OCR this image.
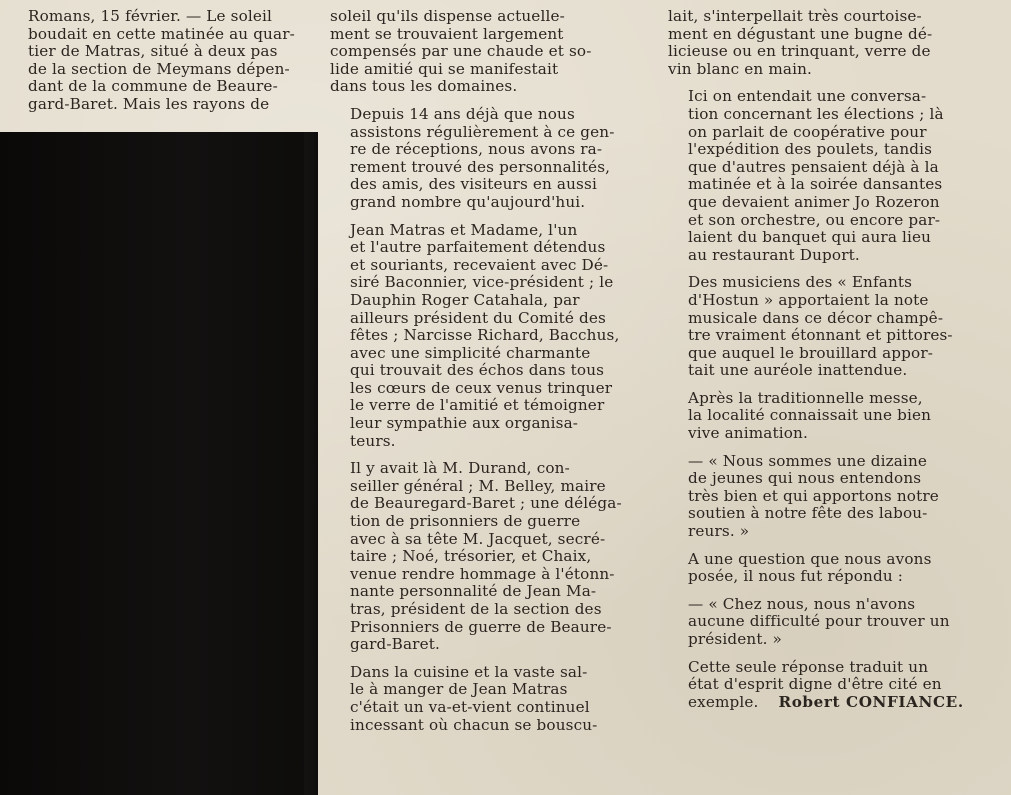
Romans, 15 février. — Le soleil
boudait en cette matinée au quar-
tier de Matras, situé à deux pas
de la section de Meymans dépen-
dant de la commune de Beaure-
gard-Baret. Mais les rayons de

soleil qu'ils dispense actuelle-
ment se trouvaient largement
compensés par une chaude et so-
lide amitié qui se manifestait
dans tous les domaines.

Depuis 14 ans déjà que nous
assistons régulièrement à ce gen-
re de réceptions, nous avons ra-
rement trouvé des personnalités,
des amis, des visiteurs en aussi
grand nombre qu'aujourd'hui.

Jean Matras et Madame, l'un
et l'autre parfaitement détendus
et souriants, recevaient avec Dé-
siré Baconnier, vice-président ; le
Dauphin Roger Catahala, par
ailleurs président du Comité des
fêtes ; Narcisse Richard, Bacchus,
avec une simplicité charmante
qui trouvait des échos dans tous
les cœurs de ceux venus trinquer
le verre de l'amitié et témoigner
leur sympathie aux organisa-
teurs.

Il y avait là M. Durand, con-
seiller général ; M. Belley, maire
de Beauregard-Baret ; une déléga-
tion de prisonniers de guerre
avec à sa tête M. Jacquet, secré-
taire ; Noé, trésorier, et Chaix,
venue rendre hommage à l'étonn-
nante personnalité de Jean Ma-
tras, président de la section des
Prisonniers de guerre de Beaure-
gard-Baret.

Dans la cuisine et la vaste sal-
le à manger de Jean Matras
c'était un va-et-vient continuel
incessant où chacun se bouscu-

lait, s'interpellait très courtoise-
ment en dégustant une bugne dé-
licieuse ou en trinquant, verre de
vin blanc en main.

Ici on entendait une conversa-
tion concernant les élections ; là
on parlait de coopérative pour
l'expédition des poulets, tandis
que d'autres pensaient déjà à la
matinée et à la soirée dansantes
que devaient animer Jo Rozeron
et son orchestre, ou encore par-
laient du banquet qui aura lieu
au restaurant Duport.

Des musiciens des « Enfants
d'Hostun » apportaient la note
musicale dans ce décor champê-
tre vraiment étonnant et pittores-
que auquel le brouillard appor-
tait une auréole inattendue.

Après la traditionnelle messe,
la localité connaissait une bien
vive animation.

— « Nous sommes une dizaine
de jeunes qui nous entendons
très bien et qui apportons notre
soutien à notre fête des labou-
reurs. »

A une question que nous avons
posée, il nous fut répondu :

— « Chez nous, nous n'avons
aucune difficulté pour trouver un
président. »

Cette seule réponse traduit un
état d'esprit digne d'être cité en
exemple. Robert CONFIANCE.
